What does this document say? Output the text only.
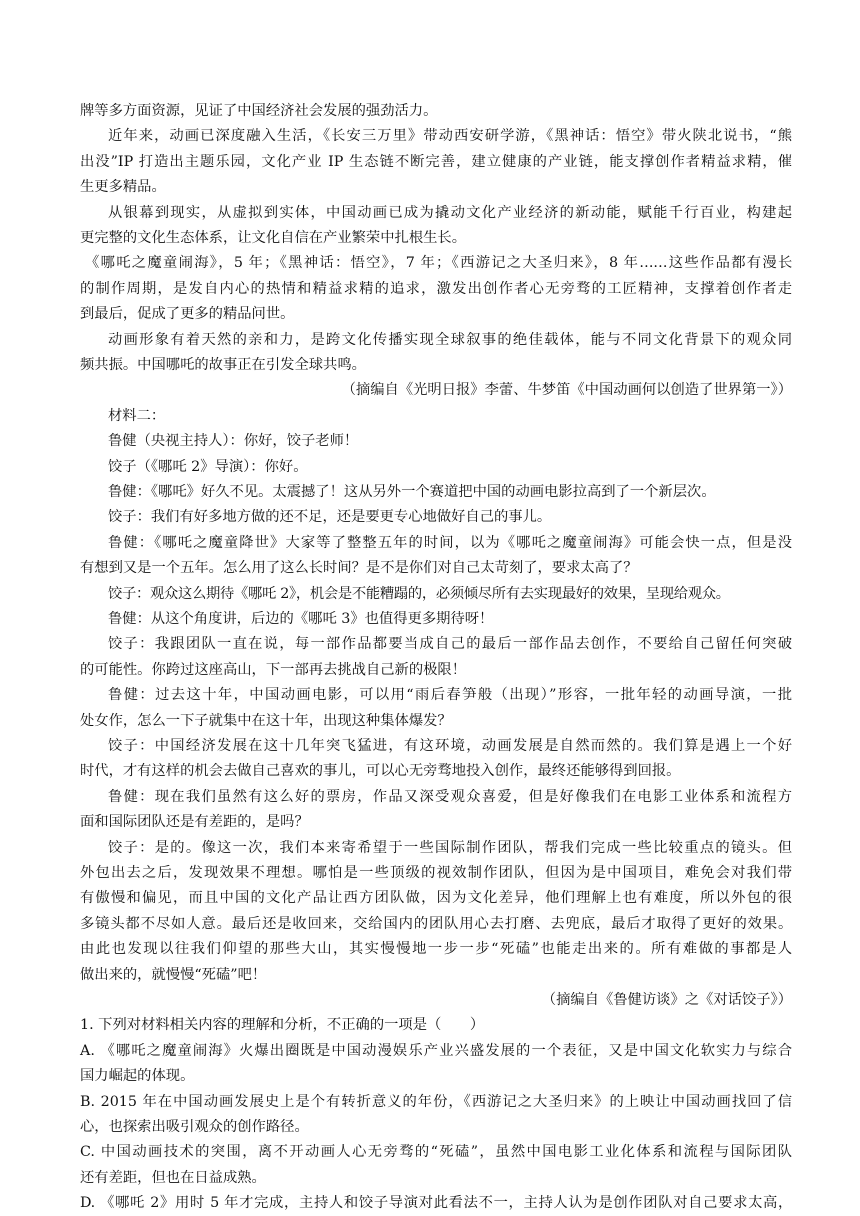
牌等多方面资源，见证了中国经济社会发展的强劲活力。
近年来，动画已深度融入生活，《长安三万里》带动西安研学游，《黑神话：悟空》带火陕北说书，“熊
出没”IP 打造出主题乐园，文化产业 IP 生态链不断完善，建立健康的产业链，能支撑创作者精益求精，催
生更多精品。
从银幕到现实，从虚拟到实体，中国动画已成为撬动文化产业经济的新动能，赋能千行百业，构建起
更完整的文化生态体系，让文化自信在产业繁荣中扎根生长。
《哪吒之魔童闹海》，5 年；《黑神话：悟空》，7 年；《西游记之大圣归来》，8 年……这些作品都有漫长
的制作周期，是发自内心的热情和精益求精的追求，激发出创作者心无旁骛的工匠精神，支撑着创作者走
到最后，促成了更多的精品问世。
动画形象有着天然的亲和力，是跨文化传播实现全球叙事的绝佳载体，能与不同文化背景下的观众同
频共振。中国哪吒的故事正在引发全球共鸣。
（摘编自《光明日报》李蕾、牛梦笛《中国动画何以创造了世界第一》）
材料二：
鲁健（央视主持人）：你好，饺子老师！
饺子（《哪吒 2》导演）：你好。
鲁健：《哪吒》好久不见。太震撼了！这从另外一个赛道把中国的动画电影拉高到了一个新层次。
饺子：我们有好多地方做的还不足，还是要更专心地做好自己的事儿。
鲁健：《哪吒之魔童降世》大家等了整整五年的时间，以为《哪吒之魔童闹海》可能会快一点，但是没
有想到又是一个五年。怎么用了这么长时间？是不是你们对自己太苛刻了，要求太高了？
饺子：观众这么期待《哪吒 2》，机会是不能糟蹋的，必须倾尽所有去实现最好的效果，呈现给观众。
鲁健：从这个角度讲，后边的《哪吒 3》也值得更多期待呀！
饺子：我跟团队一直在说，每一部作品都要当成自己的最后一部作品去创作，不要给自己留任何突破
的可能性。你跨过这座高山，下一部再去挑战自己新的极限！
鲁健：过去这十年，中国动画电影，可以用“雨后春笋般（出现）”形容，一批年轻的动画导演，一批
处女作，怎么一下子就集中在这十年，出现这种集体爆发？
饺子：中国经济发展在这十几年突飞猛进，有这环境，动画发展是自然而然的。我们算是遇上一个好
时代，才有这样的机会去做自己喜欢的事儿，可以心无旁骛地投入创作，最终还能够得到回报。
鲁健：现在我们虽然有这么好的票房，作品又深受观众喜爱，但是好像我们在电影工业体系和流程方
面和国际团队还是有差距的，是吗？
饺子：是的。像这一次，我们本来寄希望于一些国际制作团队，帮我们完成一些比较重点的镜头。但
外包出去之后，发现效果不理想。哪怕是一些顶级的视效制作团队，但因为是中国项目，难免会对我们带
有傲慢和偏见，而且中国的文化产品让西方团队做，因为文化差异，他们理解上也有难度，所以外包的很
多镜头都不尽如人意。最后还是收回来，交给国内的团队用心去打磨、去兜底，最后才取得了更好的效果。
由此也发现以往我们仰望的那些大山，其实慢慢地一步一步“死磕”也能走出来的。所有难做的事都是人
做出来的，就慢慢“死磕”吧！
（摘编自《鲁健访谈》之《对话饺子》）
1. 下列对材料相关内容的理解和分析，不正确的一项是（　　）
A. 《哪吒之魔童闹海》火爆出圈既是中国动漫娱乐产业兴盛发展的一个表征，又是中国文化软实力与综合
国力崛起的体现。
B. 2015 年在中国动画发展史上是个有转折意义的年份，《西游记之大圣归来》的上映让中国动画找回了信
心，也探索出吸引观众的创作路径。
C. 中国动画技术的突围，离不开动画人心无旁骛的“死磕”，虽然中国电影工业化体系和流程与国际团队
还有差距，但也在日益成熟。
D. 《哪吒 2》用时 5 年才完成，主持人和饺子导演对此看法不一，主持人认为是创作团队对自己要求太高，
